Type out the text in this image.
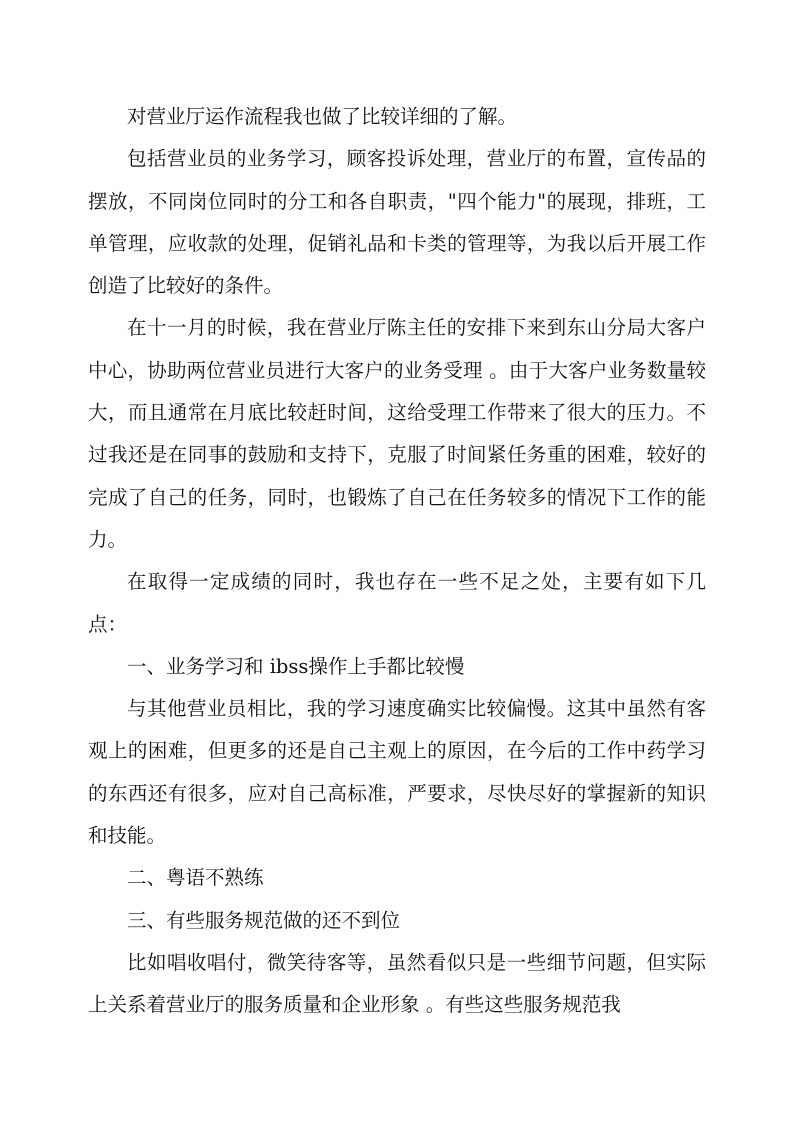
对营业厅运作流程我也做了比较详细的了解。

包括营业员的业务学习，顾客投诉处理，营业厅的布置，宣传品的摆放，不同岗位同时的分工和各自职责，"四个能力"的展现，排班，工单管理，应收款的处理，促销礼品和卡类的管理等，为我以后开展工作创造了比较好的条件。

在十一月的时候，我在营业厅陈主任的安排下来到东山分局大客户中心，协助两位营业员进行大客户的业务受理 。由于大客户业务数量较大，而且通常在月底比较赶时间，这给受理工作带来了很大的压力。不过我还是在同事的鼓励和支持下，克服了时间紧任务重的困难，较好的完成了自己的任务，同时，也锻炼了自己在任务较多的情况下工作的能力。

在取得一定成绩的同时，我也存在一些不足之处，主要有如下几点：

一、业务学习和 ibss操作上手都比较慢

与其他营业员相比，我的学习速度确实比较偏慢。这其中虽然有客观上的困难，但更多的还是自己主观上的原因，在今后的工作中药学习的东西还有很多，应对自己高标准，严要求，尽快尽好的掌握新的知识和技能。

二、粤语不熟练

三、有些服务规范做的还不到位

比如唱收唱付，微笑待客等，虽然看似只是一些细节问题，但实际上关系着营业厅的服务质量和企业形象 。有些这些服务规范我
